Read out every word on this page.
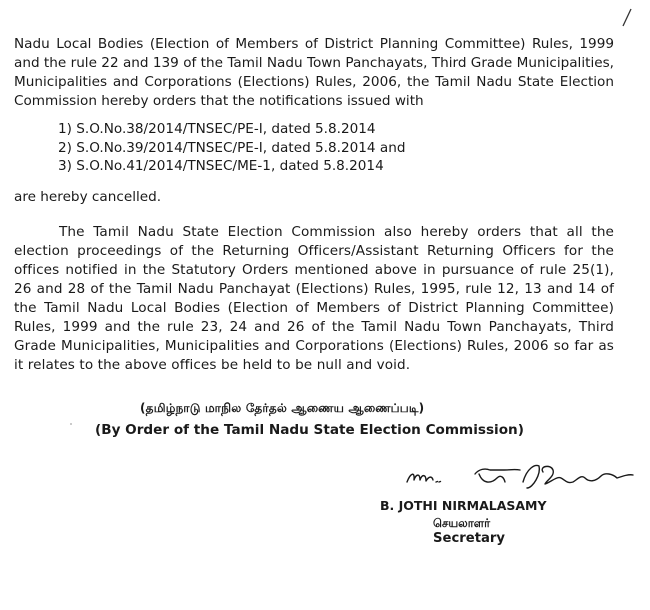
Nadu Local Bodies (Election of Members of District Planning Committee) Rules, 1999 and the rule 22 and 139 of the Tamil Nadu Town Panchayats, Third Grade Municipalities, Municipalities and Corporations (Elections) Rules, 2006, the Tamil Nadu State Election Commission hereby orders that the notifications issued with

1) S.O.No.38/2014/TNSEC/PE-I, dated 5.8.2014
2) S.O.No.39/2014/TNSEC/PE-I, dated 5.8.2014 and
3) S.O.No.41/2014/TNSEC/ME-1, dated 5.8.2014

are hereby cancelled.

The Tamil Nadu State Election Commission also hereby orders that all the election proceedings of the Returning Officers/Assistant Returning Officers for the offices notified in the Statutory Orders mentioned above in pursuance of rule 25(1), 26 and 28 of the Tamil Nadu Panchayat (Elections) Rules, 1995, rule 12, 13 and 14 of the Tamil Nadu Local Bodies (Election of Members of District Planning Committee) Rules, 1999 and the rule 23, 24 and 26 of the Tamil Nadu Town Panchayats, Third Grade Municipalities, Municipalities and Corporations (Elections) Rules, 2006 so far as it relates to the above offices be held to be null and void.

(தமிழ்நாடு மாநில தேர்தல் ஆணைய ஆணைப்படி)
(By Order of the Tamil Nadu State Election Commission)
B. JOTHI NIRMALASAMY
செயலாளர்
Secretary
